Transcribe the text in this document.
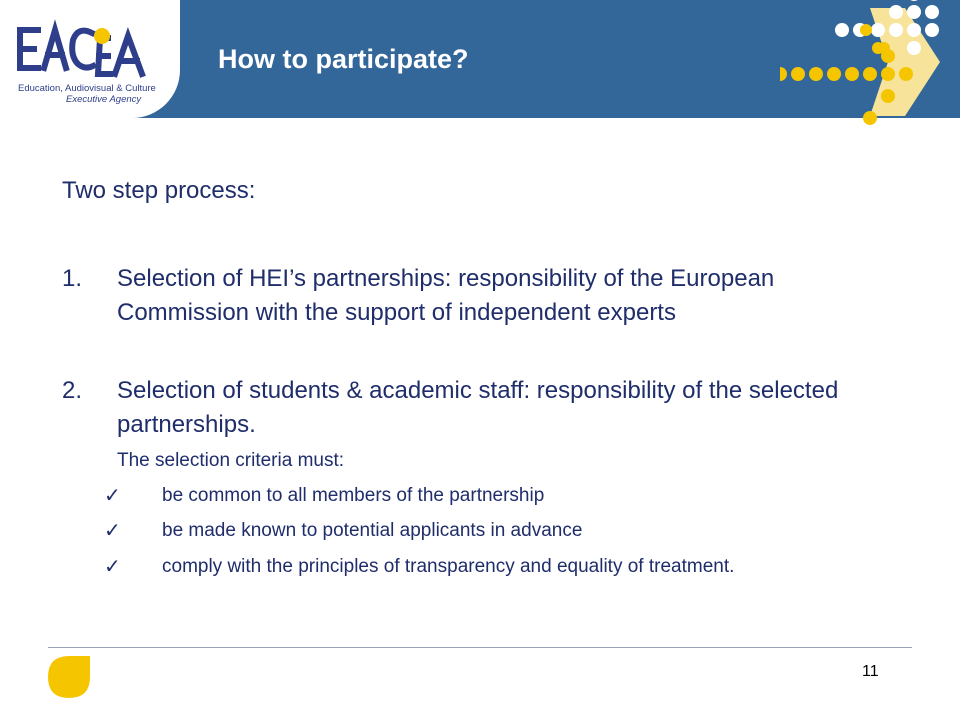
Education, Audiovisual & Culture
Executive Agency
How to participate?
Two step process:
1. Selection of HEI’s partnerships: responsibility of the European Commission with the support of independent experts
2. Selection of students & academic staff: responsibility of the selected partnerships.
The selection criteria must:
✓ be common to all members of the partnership
✓ be made known to potential applicants in advance
✓ comply with the principles of transparency and equality of treatment.
11
